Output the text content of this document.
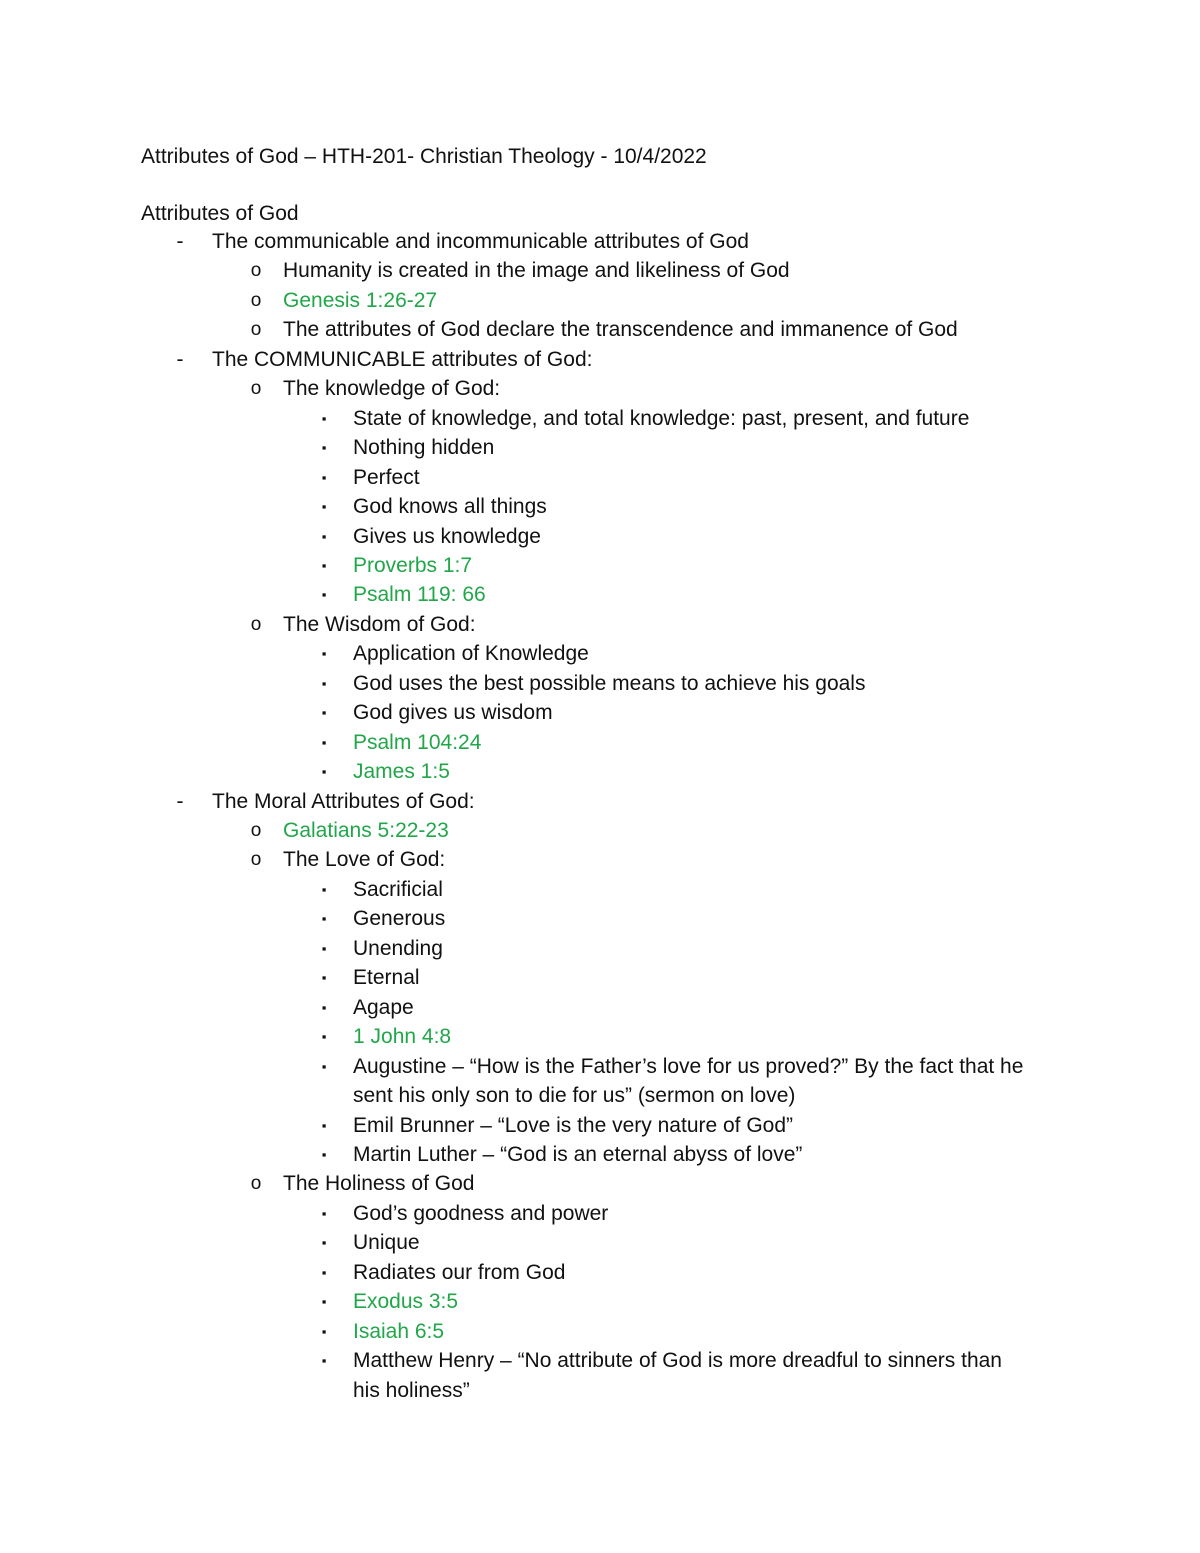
Attributes of God – HTH-201- Christian Theology - 10/4/2022
Attributes of God
- The communicable and incommunicable attributes of God
o Humanity is created in the image and likeliness of God
o Genesis 1:26-27
o The attributes of God declare the transcendence and immanence of God
- The COMMUNICABLE attributes of God:
o The knowledge of God:
▪ State of knowledge, and total knowledge: past, present, and future
▪ Nothing hidden
▪ Perfect
▪ God knows all things
▪ Gives us knowledge
▪ Proverbs 1:7
▪ Psalm 119: 66
o The Wisdom of God:
▪ Application of Knowledge
▪ God uses the best possible means to achieve his goals
▪ God gives us wisdom
▪ Psalm 104:24
▪ James 1:5
- The Moral Attributes of God:
o Galatians 5:22-23
o The Love of God:
▪ Sacrificial
▪ Generous
▪ Unending
▪ Eternal
▪ Agape
▪ 1 John 4:8
▪ Augustine – “How is the Father’s love for us proved?” By the fact that he
sent his only son to die for us” (sermon on love)
▪ Emil Brunner – “Love is the very nature of God”
▪ Martin Luther – “God is an eternal abyss of love”
o The Holiness of God
▪ God’s goodness and power
▪ Unique
▪ Radiates our from God
▪ Exodus 3:5
▪ Isaiah 6:5
▪ Matthew Henry – “No attribute of God is more dreadful to sinners than
his holiness”
